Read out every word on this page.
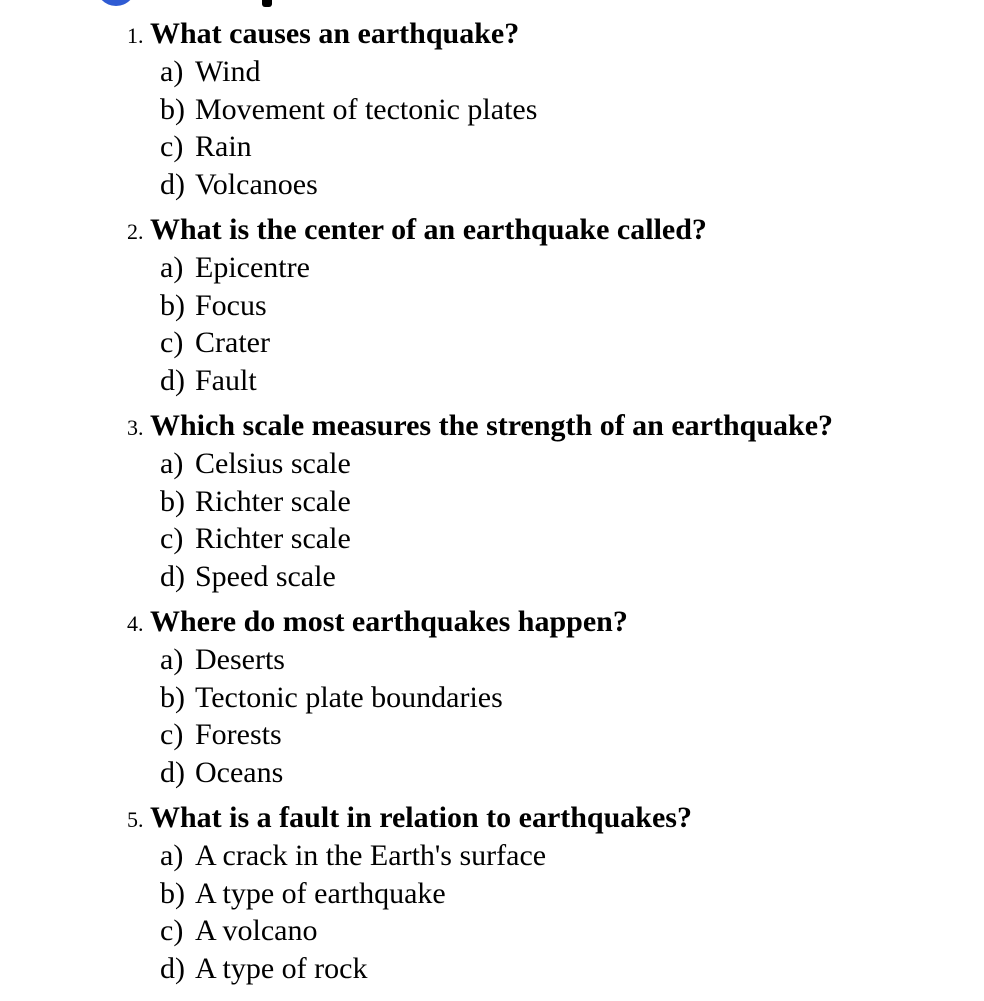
1. What causes an earthquake?
a) Wind
b) Movement of tectonic plates
c) Rain
d) Volcanoes
2. What is the center of an earthquake called?
a) Epicentre
b) Focus
c) Crater
d) Fault
3. Which scale measures the strength of an earthquake?
a) Celsius scale
b) Richter scale
c) Richter scale
d) Speed scale
4. Where do most earthquakes happen?
a) Deserts
b) Tectonic plate boundaries
c) Forests
d) Oceans
5. What is a fault in relation to earthquakes?
a) A crack in the Earth's surface
b) A type of earthquake
c) A volcano
d) A type of rock
